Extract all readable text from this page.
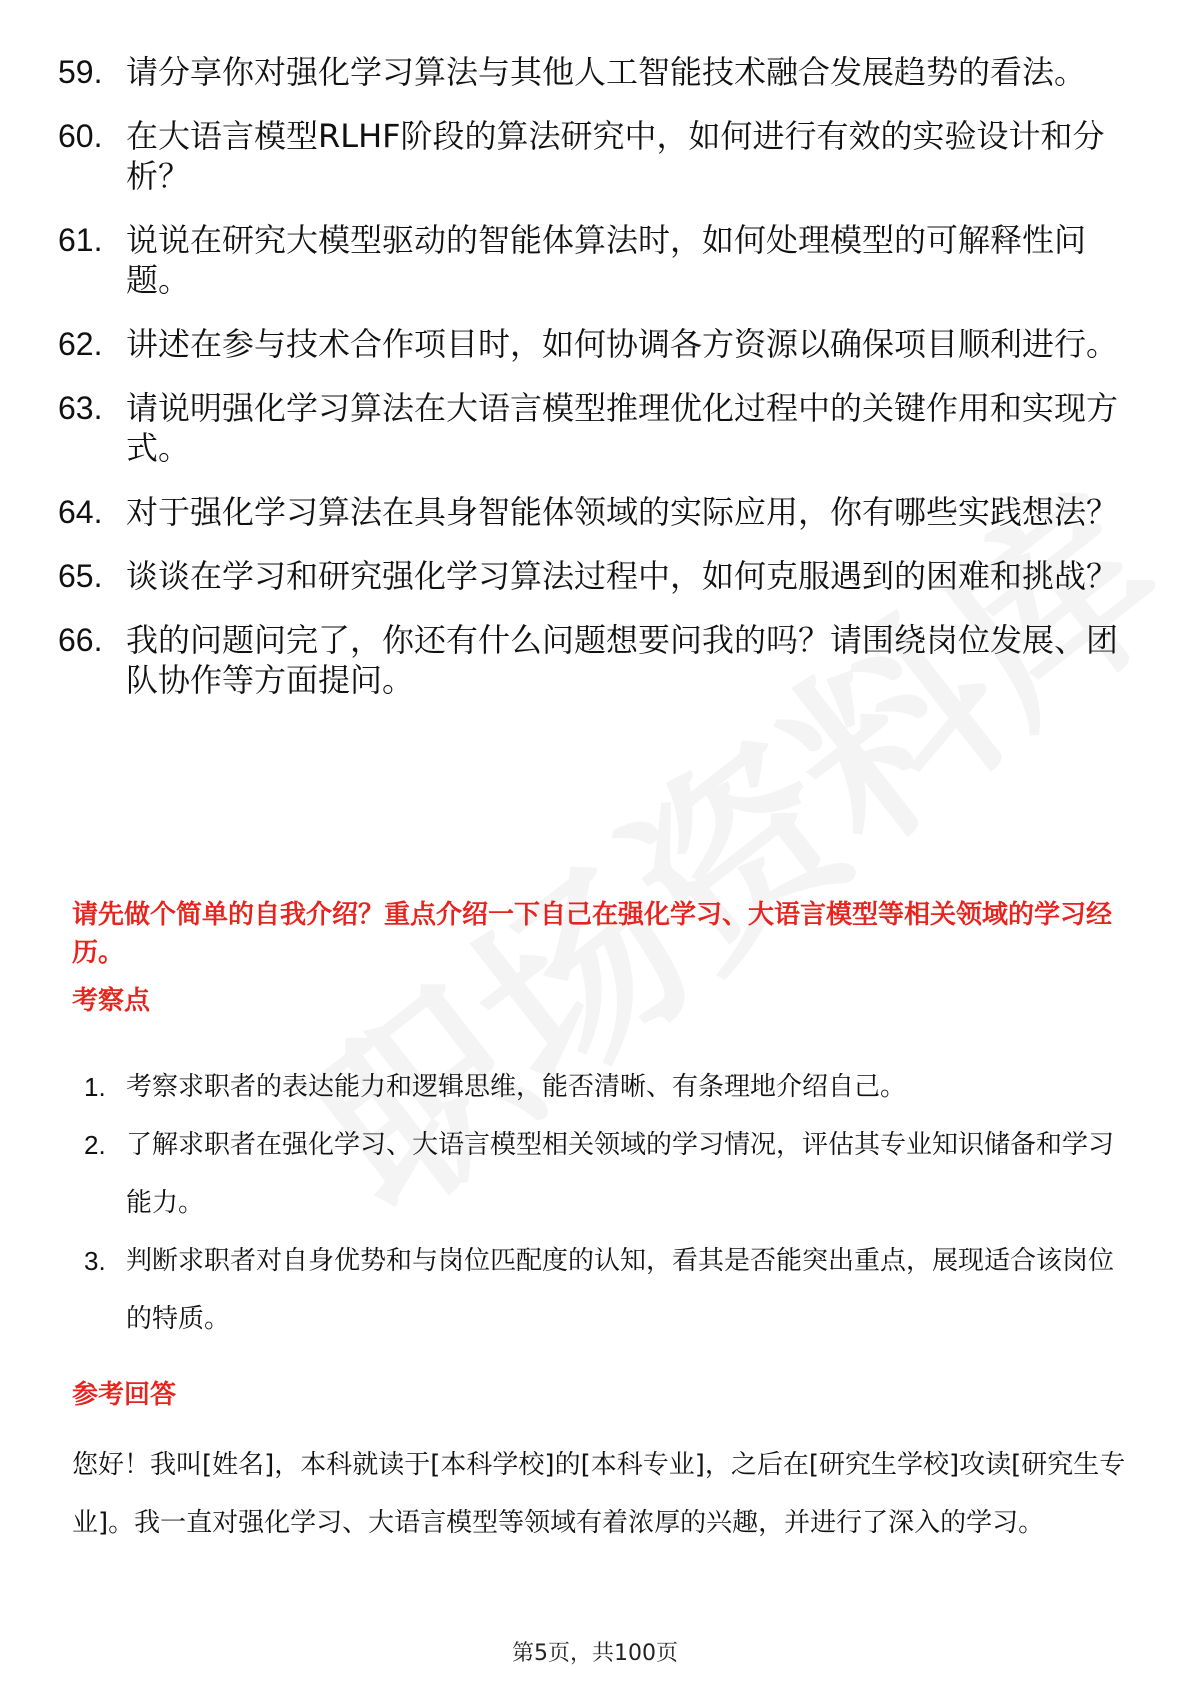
59. 请分享你对强化学习算法与其他人工智能技术融合发展趋势的看法。
60. 在大语言模型RLHF阶段的算法研究中，如何进行有效的实验设计和分析？
61. 说说在研究大模型驱动的智能体算法时，如何处理模型的可解释性问题。
62. 讲述在参与技术合作项目时，如何协调各方资源以确保项目顺利进行。
63. 请说明强化学习算法在大语言模型推理优化过程中的关键作用和实现方式。
64. 对于强化学习算法在具身智能体领域的实际应用，你有哪些实践想法？
65. 谈谈在学习和研究强化学习算法过程中，如何克服遇到的困难和挑战？
66. 我的问题问完了，你还有什么问题想要问我的吗？请围绕岗位发展、团队协作等方面提问。
请先做个简单的自我介绍？重点介绍一下自己在强化学习、大语言模型等相关领域的学习经历。
考察点
1. 考察求职者的表达能力和逻辑思维，能否清晰、有条理地介绍自己。
2. 了解求职者在强化学习、大语言模型相关领域的学习情况，评估其专业知识储备和学习能力。
3. 判断求职者对自身优势和与岗位匹配度的认知，看其是否能突出重点，展现适合该岗位的特质。
参考回答
您好！我叫[姓名]，本科就读于[本科学校]的[本科专业]，之后在[研究生学校]攻读[研究生专业]。我一直对强化学习、大语言模型等领域有着浓厚的兴趣，并进行了深入的学习。
第5页，共100页
